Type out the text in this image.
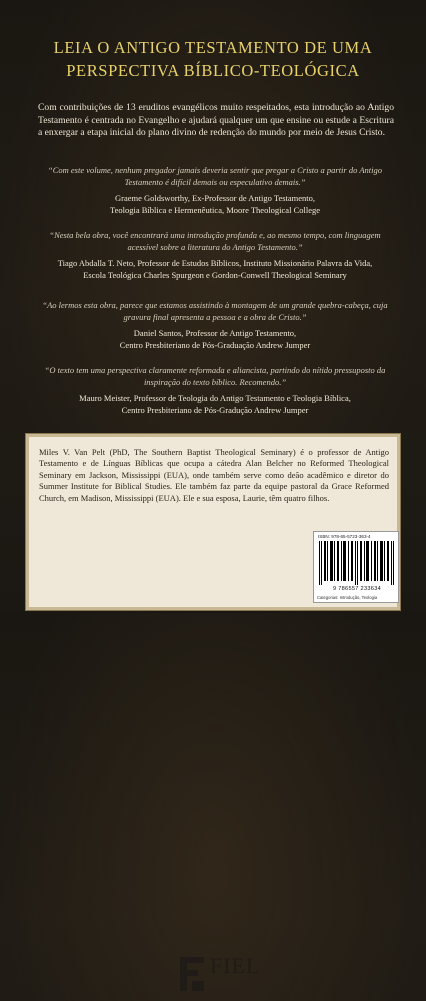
LEIA O ANTIGO TESTAMENTO DE UMA
PERSPECTIVA BÍBLICO-TEOLÓGICA

Com contribuições de 13 eruditos evangélicos muito respeitados, esta introdução ao Antigo Testamento é centrada no Evangelho e ajudará qualquer um que ensine ou estude a Escritura a enxergar a etapa inicial do plano divino de redenção do mundo por meio de Jesus Cristo.

“Com este volume, nenhum pregador jamais deveria sentir que pregar a Cristo a partir do Antigo Testamento é difícil demais ou especulativo demais.”
Graeme Goldsworthy, Ex-Professor de Antigo Testamento,
Teologia Bíblica e Hermenêutica, Moore Theological College
“Nesta bela obra, você encontrará uma introdução profunda e, ao mesmo tempo, com linguagem acessível sobre a literatura do Antigo Testamento.”
Tiago Abdalla T. Neto, Professor de Estudos Bíblicos, Instituto Missionário Palavra da Vida,
Escola Teológica Charles Spurgeon e Gordon-Conwell Theological Seminary
“Ao lermos esta obra, parece que estamos assistindo à montagem de um grande quebra-cabeça, cuja gravura final apresenta a pessoa e a obra de Cristo.”
Daniel Santos, Professor de Antigo Testamento,
Centro Presbiteriano de Pós-Graduação Andrew Jumper
“O texto tem uma perspectiva claramente reformada e aliancista, partindo do nítido pressuposto da inspiração do texto bíblico. Recomendo.”
Mauro Meister, Professor de Teologia do Antigo Testamento e Teologia Bíblica,
Centro Presbiteriano de Pós-Gradução Andrew Jumper

Miles V. Van Pelt (PhD, The Southern Baptist Theological Seminary) é o professor de Antigo Testamento e de Línguas Bíblicas que ocupa a cátedra Alan Belcher no Reformed Theological Seminary em Jackson, Mississippi (EUA), onde também serve como deão acadêmico e diretor do Summer Institute for Biblical Studies. Ele também faz parte da equipe pastoral da Grace Reformed Church, em Madison, Mississippi (EUA). Ele e sua esposa, Laurie, têm quatro filhos.

FIEL
Editora
ISBN: 978-65-5723-363-4
9 786557 233634
Categorias: Introdução, Teologia
